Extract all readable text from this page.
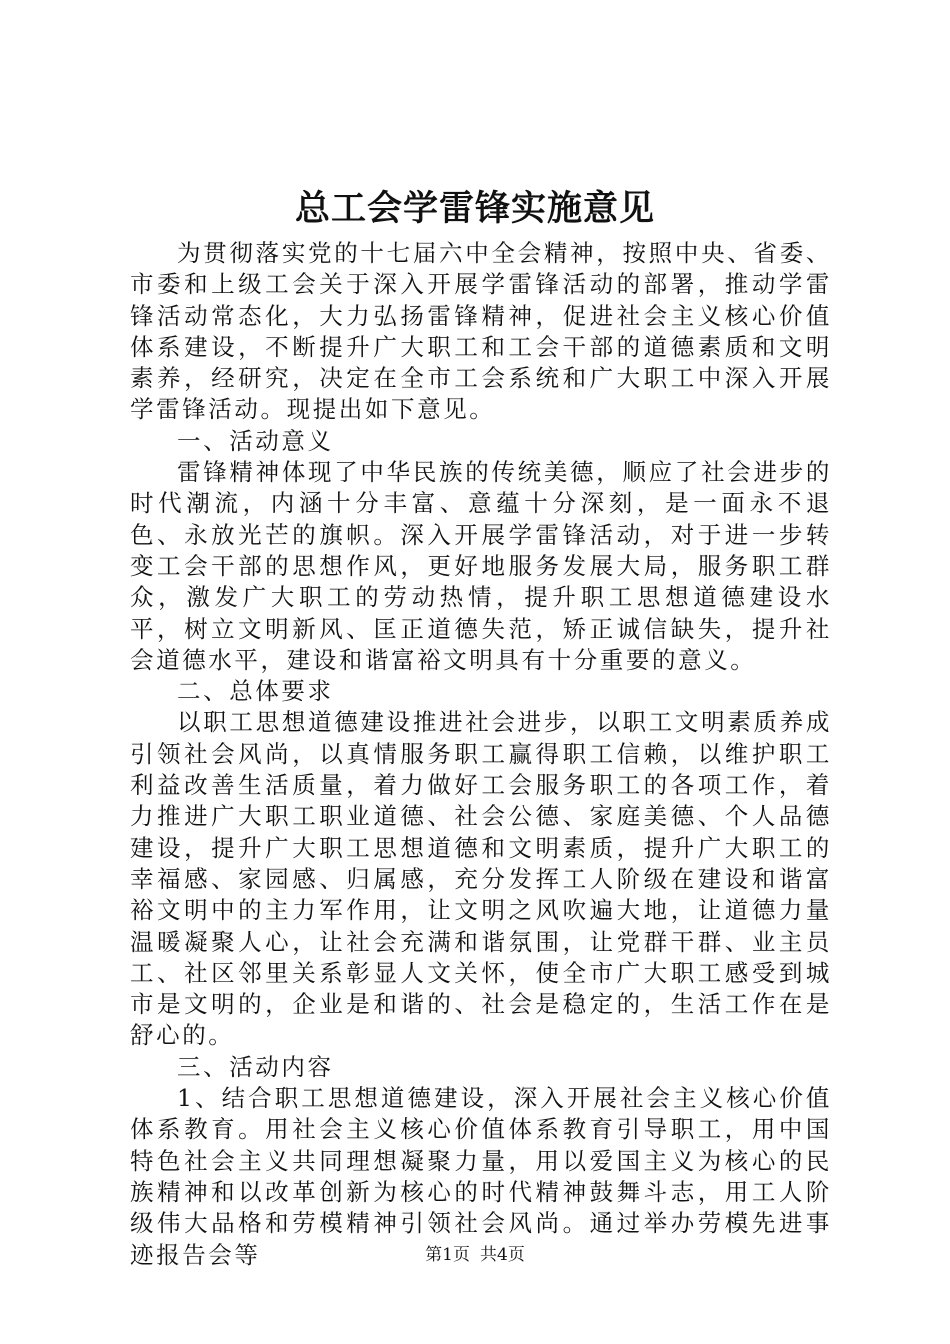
总工会学雷锋实施意见

为贯彻落实党的十七届六中全会精神，按照中央、省委、市委和上级工会关于深入开展学雷锋活动的部署，推动学雷锋活动常态化，大力弘扬雷锋精神，促进社会主义核心价值体系建设，不断提升广大职工和工会干部的道德素质和文明素养，经研究，决定在全市工会系统和广大职工中深入开展学雷锋活动。现提出如下意见。

一、活动意义

雷锋精神体现了中华民族的传统美德，顺应了社会进步的时代潮流，内涵十分丰富、意蕴十分深刻，是一面永不退色、永放光芒的旗帜。深入开展学雷锋活动，对于进一步转变工会干部的思想作风，更好地服务发展大局，服务职工群众，激发广大职工的劳动热情，提升职工思想道德建设水平，树立文明新风、匡正道德失范，矫正诚信缺失，提升社会道德水平，建设和谐富裕文明具有十分重要的意义。

二、总体要求

以职工思想道德建设推进社会进步，以职工文明素质养成引领社会风尚，以真情服务职工赢得职工信赖，以维护职工利益改善生活质量，着力做好工会服务职工的各项工作，着力推进广大职工职业道德、社会公德、家庭美德、个人品德建设，提升广大职工思想道德和文明素质，提升广大职工的幸福感、家园感、归属感，充分发挥工人阶级在建设和谐富裕文明中的主力军作用，让文明之风吹遍大地，让道德力量温暖凝聚人心，让社会充满和谐氛围，让党群干群、业主员工、社区邻里关系彰显人文关怀，使全市广大职工感受到城市是文明的，企业是和谐的、社会是稳定的，生活工作在是舒心的。

三、活动内容

1、结合职工思想道德建设，深入开展社会主义核心价值体系教育。用社会主义核心价值体系教育引导职工，用中国特色社会主义共同理想凝聚力量，用以爱国主义为核心的民族精神和以改革创新为核心的时代精神鼓舞斗志，用工人阶级伟大品格和劳模精神引领社会风尚。通过举办劳模先进事迹报告会等	第1页 共4页
